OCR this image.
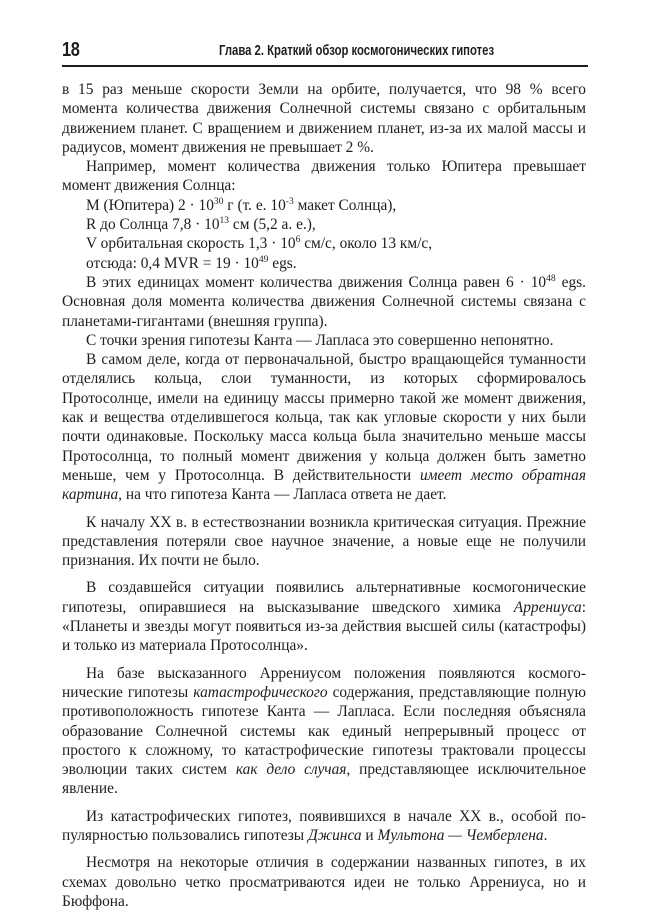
18	Глава 2. Краткий обзор космогонических гипотез

в 15 раз меньше скорости Земли на орбите, получается, что 98 % всего момента количества движения Солнечной системы связано с орбитальным движением планет. С вращением и движением планет, из-за их малой массы и радиусов, момент движения не превышает 2 %.

Например, момент количества движения только Юпитера превышает момент движения Солнца:

М (Юпитера) $2 \cdot 10^{30}$ г (т. е. $10^{-3}$ макет Солнца),

R до Солнца $7,8 \cdot 10^{13}$ см (5,2 а. е.),

V орбитальная скорость $1,3 \cdot 10^6$ см/с, около 13 км/с,

отсюда: 0,4 MVR = $19 \cdot 10^{49}$ egs.

В этих единицах момент количества движения Солнца равен $6 \cdot 10^{48}$ egs. Основная доля момента количества движения Солнечной системы связана с планетами-гигантами (внешняя группа).

С точки зрения гипотезы Канта — Лапласа это совершенно непонятно.

В самом деле, когда от первоначальной, быстро вращающейся туманности отделялись кольца, слои туманности, из которых сформировалось Протосолнце, имели на единицу массы примерно такой же момент движения, как и вещества отделившегося кольца, так как угловые скорости у них были почти одинаковые. Поскольку масса кольца была значительно меньше массы Протосолнца, то полный момент движения у кольца должен быть заметно меньше, чем у Протосолнца. В действительности имеет место обратная картина, на что гипотеза Канта — Лапласа ответа не дает.

К началу XX в. в естествознании возникла критическая ситуация. Прежние представления потеряли свое научное значение, а новые еще не получили признания. Их почти не было.

В создавшейся ситуации появились альтернативные космогонические гипотезы, опиравшиеся на высказывание шведского химика Аррениуса: «Планеты и звезды могут появиться из-за действия высшей силы (катастрофы) и только из материала Протосолнца».

На базе высказанного Аррениусом положения появляются космогонические гипотезы катастрофического содержания, представляющие полную противоположность гипотезе Канта — Лапласа. Если последняя объясняла образование Солнечной системы как единый непрерывный процесс от простого к сложному, то катастрофические гипотезы трактовали процессы эволюции таких систем как дело случая, представляющее исключительное явление.

Из катастрофических гипотез, появившихся в начале XX в., особой популярностью пользовались гипотезы Джинса и Мультона — Чемберлена.

Несмотря на некоторые отличия в содержании названных гипотез, в их схемах довольно четко просматриваются идеи не только Аррениуса, но и Бюффона.
